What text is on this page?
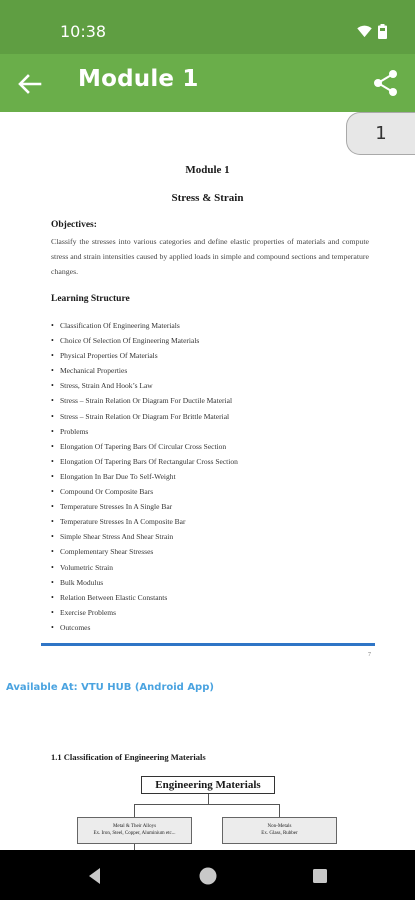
10:38
Module 1
1
Module 1
Stress & Strain
Objectives:
Classify the stresses into various categories and define elastic properties of materials and compute stress and strain intensities caused by applied loads in simple and compound sections and temperature changes.
Learning Structure
• Classification Of Engineering Materials
• Choice Of Selection Of Engineering Materials
• Physical Properties Of Materials
• Mechanical Properties
• Stress, Strain And Hook’s Law
• Stress – Strain Relation Or Diagram For Ductile Material
• Stress – Strain Relation Or Diagram For Brittle Material
• Problems
• Elongation Of Tapering Bars Of Circular Cross Section
• Elongation Of Tapering Bars Of Rectangular Cross Section
• Elongation In Bar Due To Self-Weight
• Compound Or Composite Bars
• Temperature Stresses In A Single Bar
• Temperature Stresses In A Composite Bar
• Simple Shear Stress And Shear Strain
• Complementary Shear Stresses
• Volumetric Strain
• Bulk Modulus
• Relation Between Elastic Constants
• Exercise Problems
• Outcomes
7
Available At: VTU HUB (Android App)
1.1 Classification of Engineering Materials
Engineering Materials
Metal & Their Alloys
Ex. Iron, Steel, Copper, Aluminium etc...
Non-Metals
Ex. Glass, Rubber
